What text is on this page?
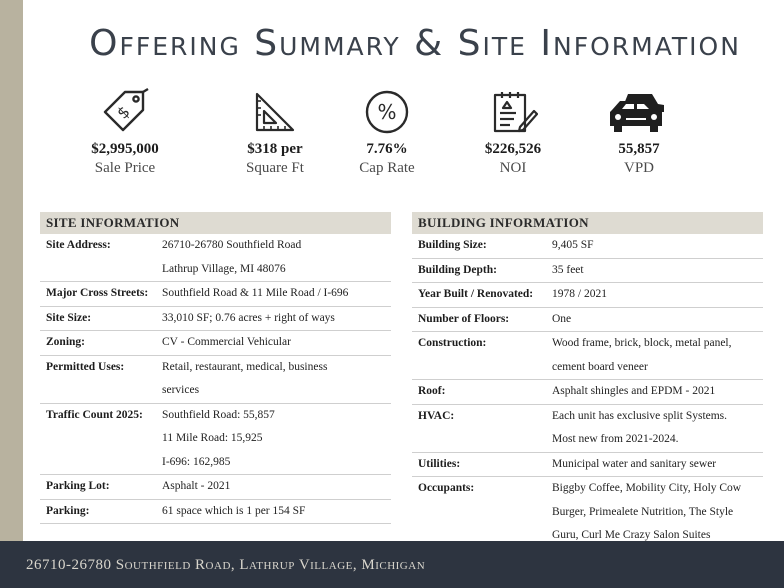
Offering Summary & Site Information
$
$2,995,000
Sale Price
$318 per
Square Ft
%
7.76%
Cap Rate
$226,526
NOI
55,857
VPD
SITE INFORMATION
Site Address:	26710-26780 Southfield Road
Lathrup Village, MI 48076
Major Cross Streets:	Southfield Road & 11 Mile Road / I-696
Site Size:	33,010 SF; 0.76 acres + right of ways
Zoning:	CV - Commercial Vehicular
Permitted Uses:	Retail, restaurant, medical, business
services
Traffic Count 2025:	Southfield Road: 55,857
11 Mile Road: 15,925
I-696: 162,985
Parking Lot:	Asphalt - 2021
Parking:	61 space which is 1 per 154 SF
BUILDING INFORMATION
Building Size:	9,405 SF
Building Depth:	35 feet
Year Built / Renovated:	1978 / 2021
Number of Floors:	One
Construction:	Wood frame, brick, block, metal panel,
cement board veneer
Roof:	Asphalt shingles and EPDM - 2021
HVAC:	Each unit has exclusive split Systems.
Most new from 2021-2024.
Utilities:	Municipal water and sanitary sewer
Occupants:	Biggby Coffee, Mobility City, Holy Cow
Burger, Primealete Nutrition, The Style
Guru, Curl Me Crazy Salon Suites
26710-26780 Southfield Road, Lathrup Village, Michigan
